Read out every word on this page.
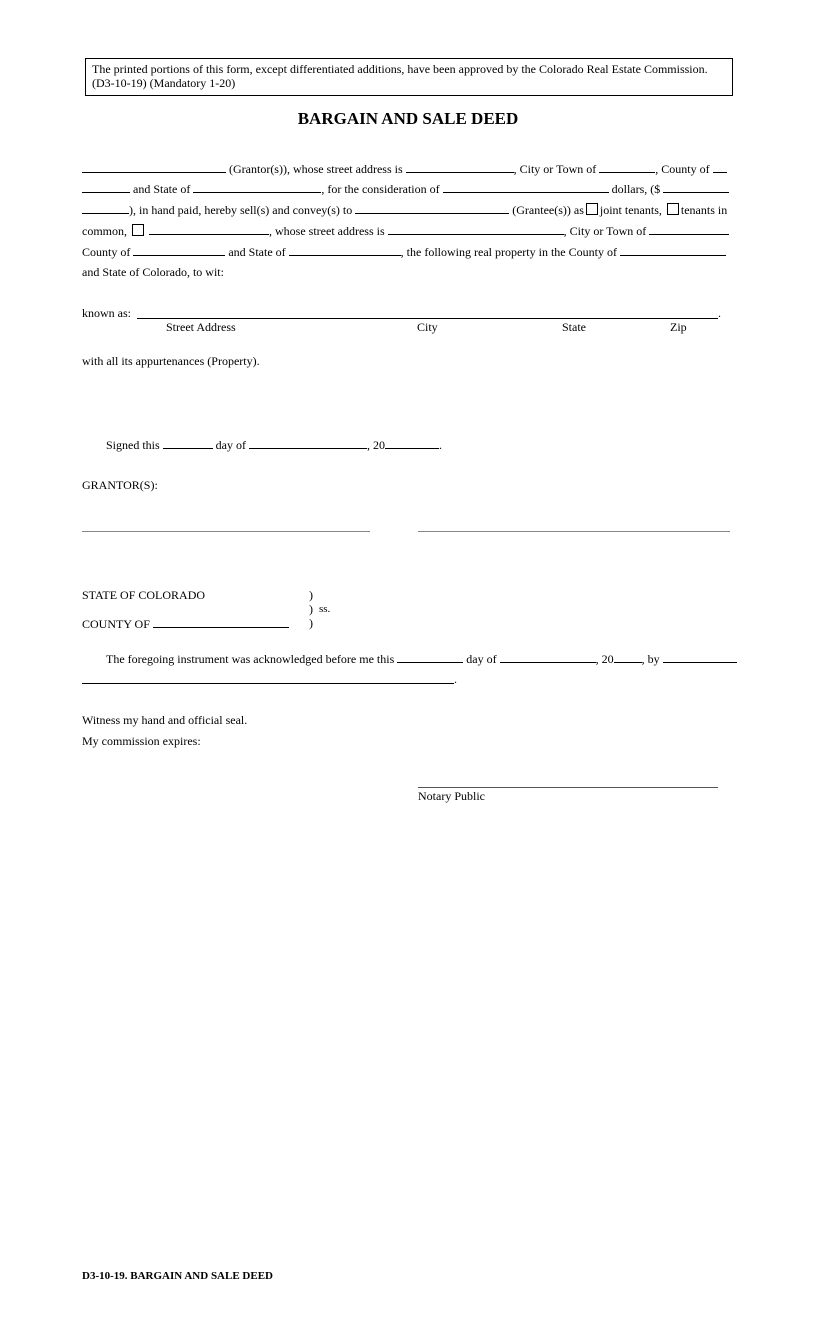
The printed portions of this form, except differentiated additions, have been approved by the Colorado Real Estate Commission.
(D3-10-19) (Mandatory 1-20)
BARGAIN AND SALE DEED
(Grantor(s)), whose street address is	, City or Town of	, County of
and State of	, for the consideration of	dollars, ($
), in hand paid, hereby sell(s) and convey(s) to	(Grantee(s)) as joint tenants, tenants in
common,	, whose street address is	, City or Town of
County of	and State of	, the following real property in the County of
and State of Colorado, to wit:
known as:	.
Street Address	City	State	Zip
with all its appurtenances (Property).
Signed this	day of	, 20	.
GRANTOR(S):
STATE OF COLORADO	)
) ss.
)
COUNTY OF
The foregoing instrument was acknowledged before me this	day of	, 20 , by
.
Witness my hand and official seal.
My commission expires:
Notary Public
D3-10-19. BARGAIN AND SALE DEED
